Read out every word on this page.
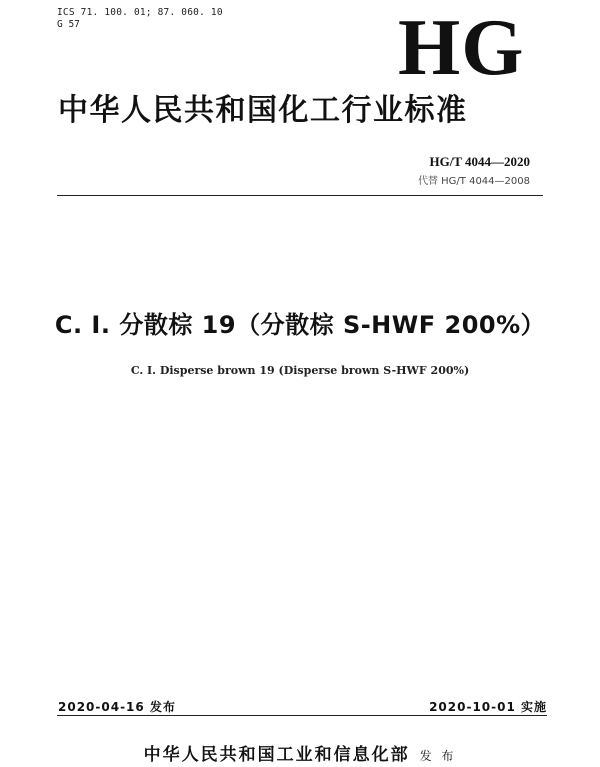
ICS 71. 100. 01; 87. 060. 10
G 57	HG
中华人民共和国化工行业标准
HG/T 4044—2020
代替 HG/T 4044—2008
C. I. 分散棕 19（分散棕 S-HWF 200%）
C. I. Disperse brown 19 (Disperse brown S-HWF 200%)
2020-04-16 发布	2020-10-01 实施
中华人民共和国工业和信息化部 发 布
